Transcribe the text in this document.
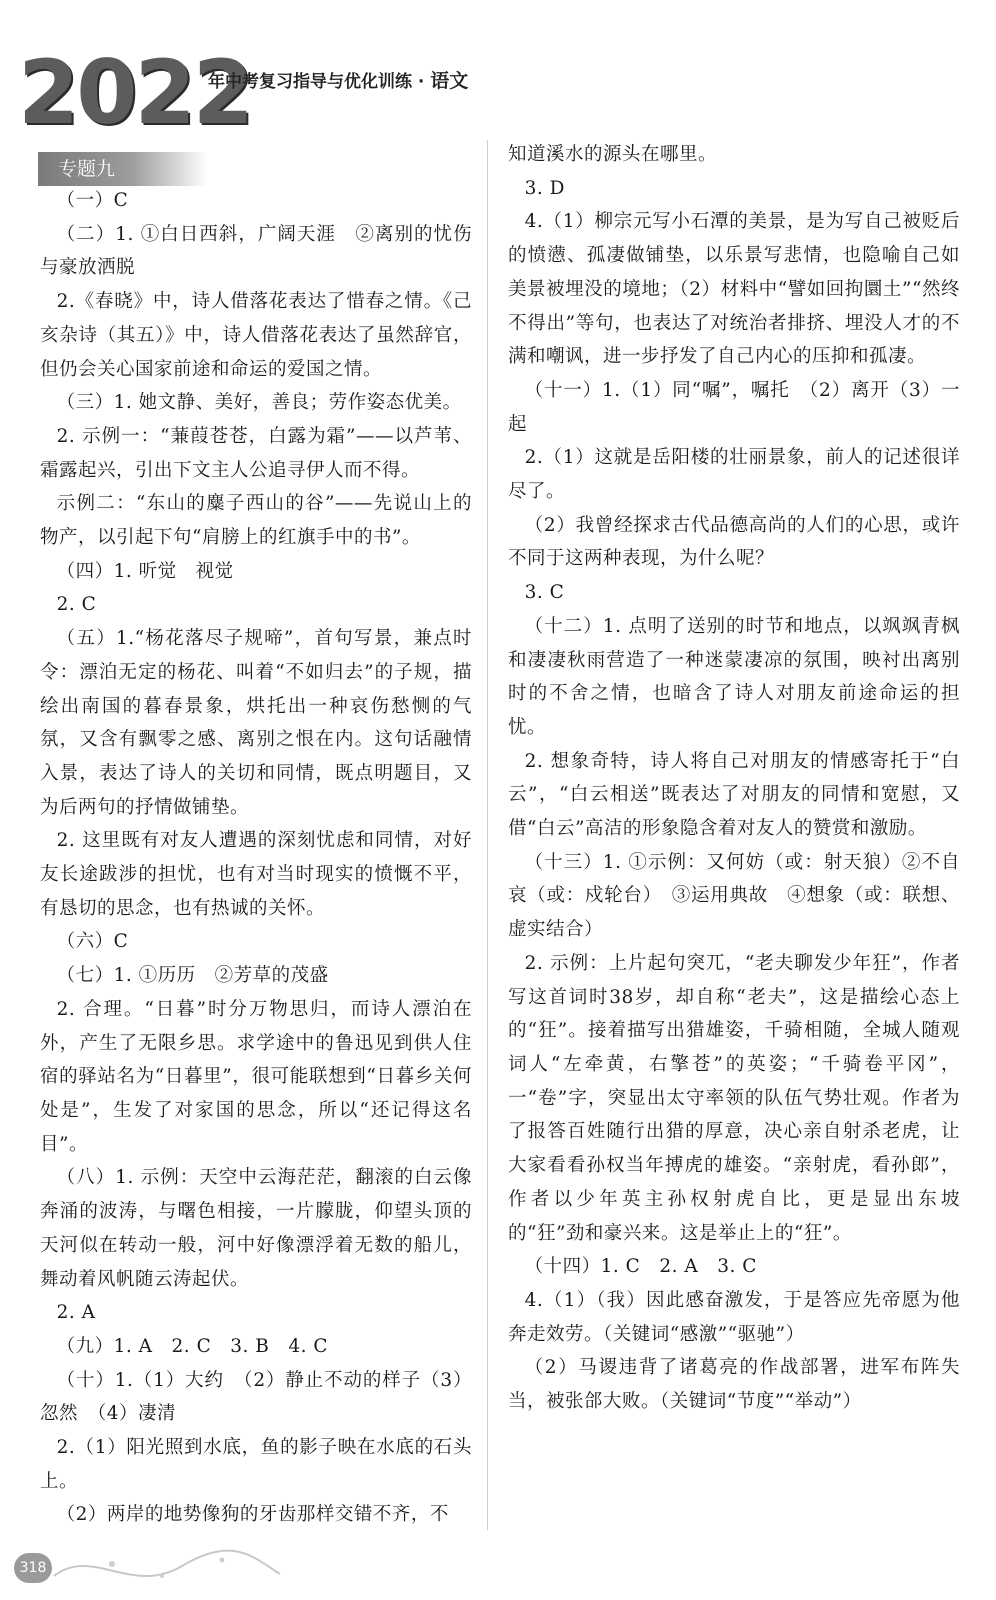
2022
年中考复习指导与优化训练 · 语文
专题九

（一）C

（二）1. ①白日西斜，广阔天涯　②离别的忧伤与豪放洒脱

2.《春晓》中，诗人借落花表达了惜春之情。《己亥杂诗（其五）》中，诗人借落花表达了虽然辞官，但仍会关心国家前途和命运的爱国之情。

（三）1. 她文静、美好，善良；劳作姿态优美。

2. 示例一：“蒹葭苍苍，白露为霜”——以芦苇、霜露起兴，引出下文主人公追寻伊人而不得。

示例二：“东山的麋子西山的谷”——先说山上的物产，以引起下句“肩膀上的红旗手中的书”。

（四）1. 听觉　视觉

2. C

（五）1.“杨花落尽子规啼”，首句写景，兼点时令：漂泊无定的杨花、叫着“不如归去”的子规，描绘出南国的暮春景象，烘托出一种哀伤愁恻的气氛，又含有飘零之感、离别之恨在内。这句话融情入景，表达了诗人的关切和同情，既点明题目，又为后两句的抒情做铺垫。

2. 这里既有对友人遭遇的深刻忧虑和同情，对好友长途跋涉的担忧，也有对当时现实的愤慨不平，有恳切的思念，也有热诚的关怀。

（六）C

（七）1. ①历历　②芳草的茂盛

2. 合理。“日暮”时分万物思归，而诗人漂泊在外，产生了无限乡思。求学途中的鲁迅见到供人住宿的驿站名为“日暮里”，很可能联想到“日暮乡关何处是”，生发了对家国的思念，所以“还记得这名目”。

（八）1. 示例：天空中云海茫茫，翻滚的白云像奔涌的波涛，与曙色相接，一片朦胧，仰望头顶的天河似在转动一般，河中好像漂浮着无数的船儿，舞动着风帆随云涛起伏。

2. A

（九）1. A　2. C　3. B　4. C

（十）1.（1）大约　（2）静止不动的样子（3）忽然　（4）凄清

2.（1）阳光照到水底，鱼的影子映在水底的石头上。

（2）两岸的地势像狗的牙齿那样交错不齐，不

知道溪水的源头在哪里。

3. D

4.（1）柳宗元写小石潭的美景，是为写自己被贬后的愤懑、孤凄做铺垫，以乐景写悲情，也隐喻自己如美景被埋没的境地；（2）材料中“譬如回拘圜土”“然终不得出”等句，也表达了对统治者排挤、埋没人才的不满和嘲讽，进一步抒发了自己内心的压抑和孤凄。

（十一）1.（1）同“嘱”，嘱托　（2）离开（3）一起

2.（1）这就是岳阳楼的壮丽景象，前人的记述很详尽了。

（2）我曾经探求古代品德高尚的人们的心思，或许不同于这两种表现，为什么呢？

3. C

（十二）1. 点明了送别的时节和地点，以飒飒青枫和凄凄秋雨营造了一种迷蒙凄凉的氛围，映衬出离别时的不舍之情，也暗含了诗人对朋友前途命运的担忧。

2. 想象奇特，诗人将自己对朋友的情感寄托于“白云”，“白云相送”既表达了对朋友的同情和宽慰，又借“白云”高洁的形象隐含着对友人的赞赏和激励。

（十三）1. ①示例：又何妨（或：射天狼）②不自哀（或：戍轮台）　③运用典故　④想象（或：联想、虚实结合）

2. 示例：上片起句突兀，“老夫聊发少年狂”，作者写这首词时38岁，却自称“老夫”，这是描绘心态上的“狂”。接着描写出猎雄姿，千骑相随，全城人随观词人“左牵黄，右擎苍”的英姿；“千骑卷平冈”，一“卷”字，突显出太守率领的队伍气势壮观。作者为了报答百姓随行出猎的厚意，决心亲自射杀老虎，让大家看看孙权当年搏虎的雄姿。“亲射虎，看孙郎”，作者以少年英主孙权射虎自比，更是显出东坡的“狂”劲和豪兴来。这是举止上的“狂”。

（十四）1. C　2. A　3. C

4.（1）（我）因此感奋激发，于是答应先帝愿为他奔走效劳。（关键词“感激”“驱驰”）

（2）马谡违背了诸葛亮的作战部署，进军布阵失当，被张郃大败。（关键词“节度”“举动”）

318
